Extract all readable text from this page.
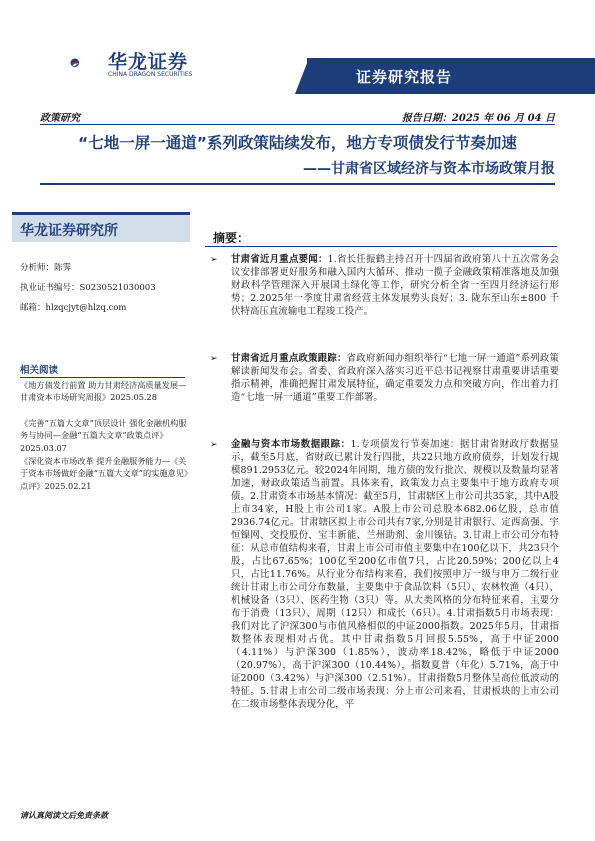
华龙证券
CHINA DRAGON SECURITIES	证券研究报告
政策研究	报告日期：2025 年 06 月 04 日
“七地一屏一通道”系列政策陆续发布，地方专项债发行节奏加速
——甘肃省区域经济与资本市场政策月报
华龙证券研究所
分析师：陈霁
执业证书编号：S0230521030003
邮箱：hlzqcjyt@hlzq.com
相关阅读
《地方债发行前置 助力甘肃经济高质量发展—甘肃资本市场研究周报》2025.05.28
《完善“五篇大文章”顶层设计 强化金融机构服务与协同—金融“五篇大文章”政策点评》2025.03.07
《深化资本市场改革 提升金融服务能力—《关于资本市场做好金融“五篇大文章”的实施意见》点评》2025.02.21
请认真阅读文后免责条款
摘要：
➢ 甘肃省近月重点要闻：1.省长任振鹤主持召开十四届省政府第八十五次常务会议安排部署更好服务和融入国内大循环、推动一揽子金融政策精准落地及加强财政科学管理深入开展国土绿化等工作，研究分析全省一至四月经济运行形势；2.2025年一季度甘肃省经营主体发展势头良好；3. 陇东至山东±800 千伏特高压直流输电工程竣工投产。
➢ 甘肃省近月重点政策跟踪：省政府新闻办组织举行“七地一屏一通道”系列政策解读新闻发布会。省委、省政府深入落实习近平总书记视察甘肃重要讲话重要指示精神，准确把握甘肃发展特征，确定重要发力点和突破方向，作出着力打造“七地一屏一通道”重要工作部署。
➢ 金融与资本市场数据跟踪：1.专项债发行节奏加速：据甘肃省财政厅数据显示，截至5月底，省财政已累计发行四批，共22只地方政府债券，计划发行规模891.2953亿元。较2024年同期，地方债的发行批次、规模以及数量均显著加速，财政政策适当前置。具体来看，政策发力点主要集中于地方政府专项债。2.甘肃资本市场基本情况：截至5月，甘肃辖区上市公司共35家，其中A股上市34家，H股上市公司1家。A股上市公司总股本682.06亿股，总市值2936.74亿元。甘肃辖区拟上市公司共有7家,分别是甘肃银行、定西高强、宇恒镍网、交投股份、宝丰新能、兰州助剂、金川镍钴。3.甘肃上市公司分布特征：从总市值结构来看，甘肃上市公司市值主要集中在100亿以下，共23只个股，占比67.65%；100亿至200亿市值7只，占比20.59%；200亿以上4只，占比11.76%。从行业分布结构来看，我们按照申万一级与申万二级行业统计甘肃上市公司分布数量，主要集中于食品饮料（5只）、农林牧渔（4只）、机械设备（3只）、医药生物（3只）等。从大类风格的分布特征来看，主要分布于消费（13只）、周期（12只）和成长（6只）。4.甘肃指数5月市场表现：我们对比了沪深300与市值风格相似的中证2000指数。2025年5月，甘肃指数整体表现相对占优。其中甘肃指数5月回报5.55%，高于中证2000（4.11%）与沪深300（1.85%），波动率18.42%，略低于中证2000（20.97%），高于沪深300（10.44%），指数夏普（年化）5.71%，高于中证2000（3.42%）与沪深300（2.51%）。甘肃指数5月整体呈高位低波动的特征。5.甘肃上市公司二级市场表现：分上市公司来看，甘肃板块的上市公司在二级市场整体表现分化，平
